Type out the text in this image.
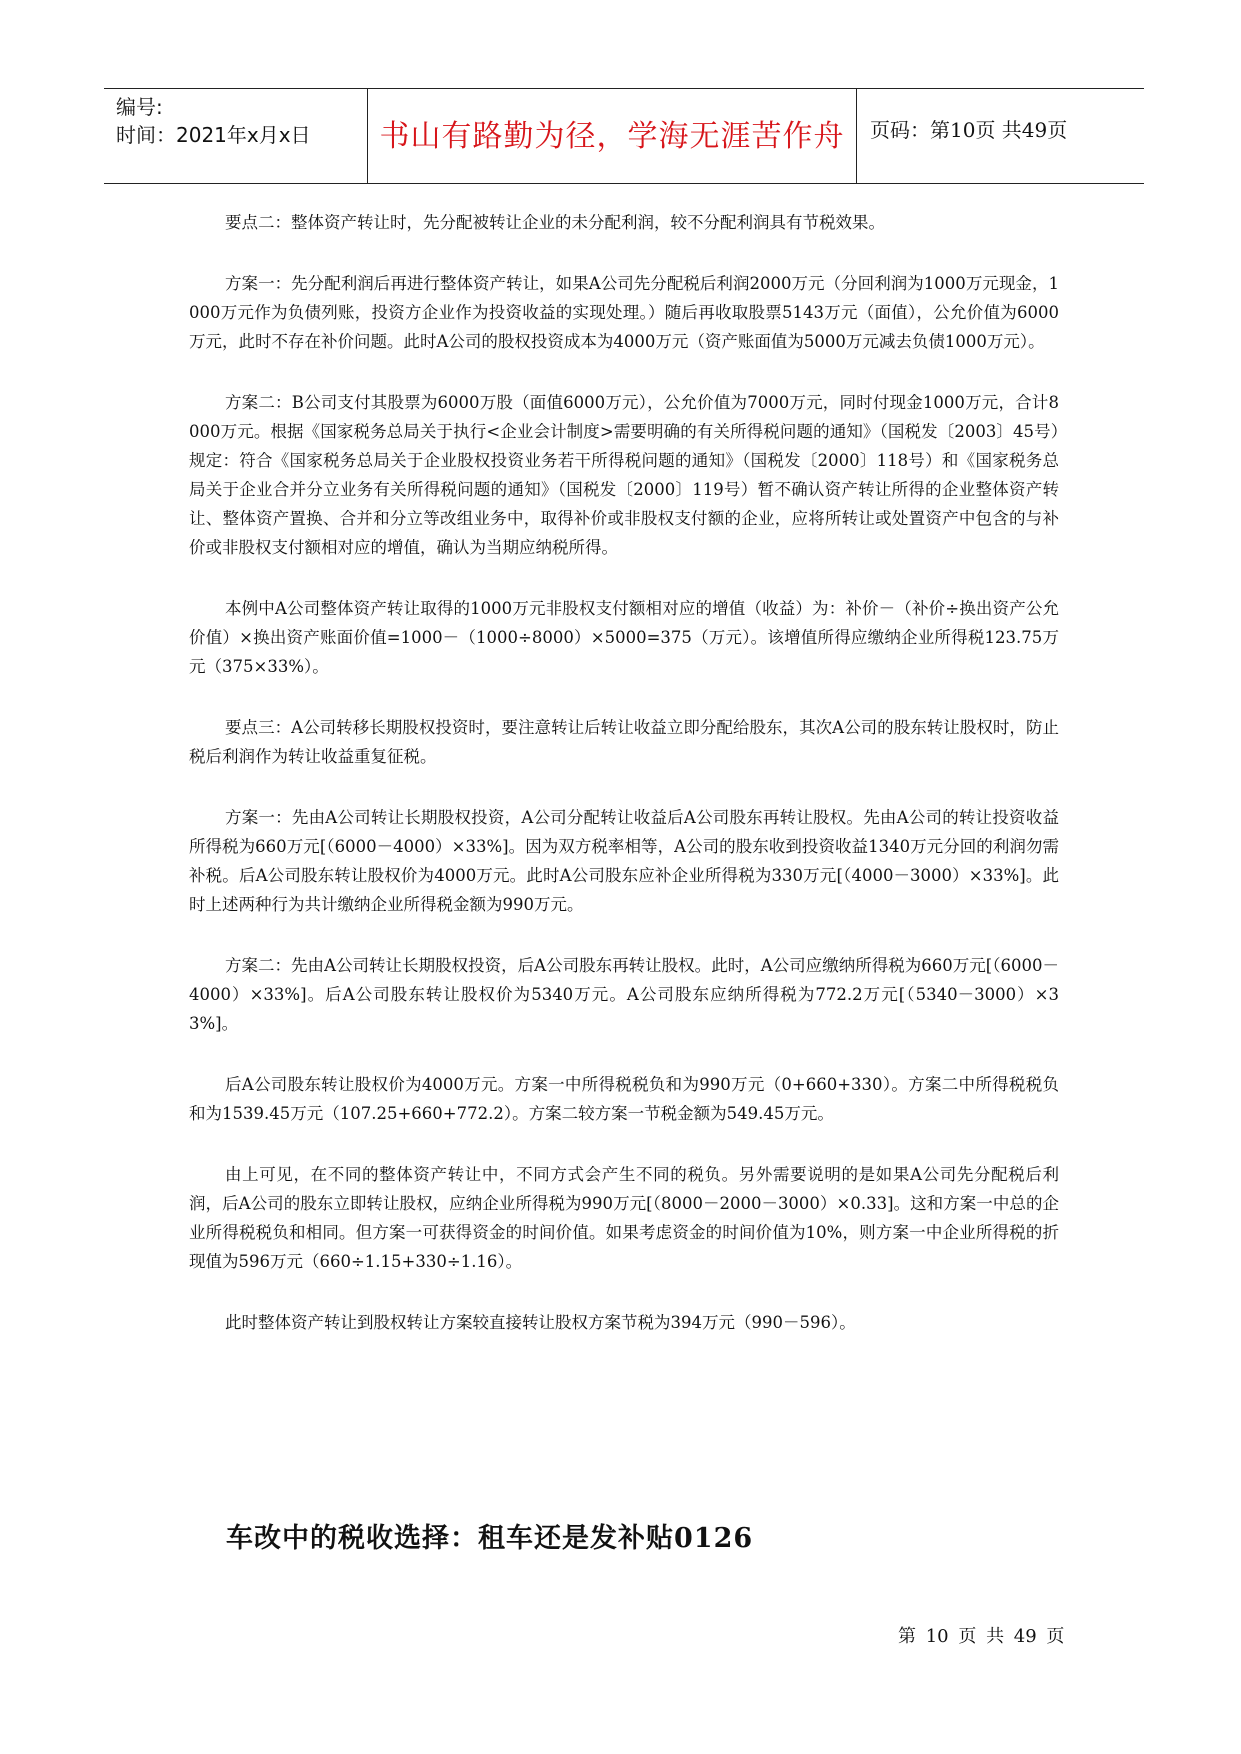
编号:
时间：2021年x月x日	书山有路勤为径，学海无涯苦作舟 页码：第10页 共49页

要点二：整体资产转让时，先分配被转让企业的未分配利润，较不分配利润具有节税效果。

方案一：先分配利润后再进行整体资产转让，如果A公司先分配税后利润2000万元（分回利润为1000万元现金，1000万元作为负债列账，投资方企业作为投资收益的实现处理。）随后再收取股票5143万元（面值），公允价值为6000万元，此时不存在补价问题。此时A公司的股权投资成本为4000万元（资产账面值为5000万元减去负债1000万元）。

方案二：B公司支付其股票为6000万股（面值6000万元），公允价值为7000万元，同时付现金1000万元，合计8000万元。根据《国家税务总局关于执行<企业会计制度>需要明确的有关所得税问题的通知》（国税发〔2003〕45号）规定：符合《国家税务总局关于企业股权投资业务若干所得税问题的通知》（国税发〔2000〕118号）和《国家税务总局关于企业合并分立业务有关所得税问题的通知》（国税发〔2000〕119号）暂不确认资产转让所得的企业整体资产转让、整体资产置换、合并和分立等改组业务中，取得补价或非股权支付额的企业，应将所转让或处置资产中包含的与补价或非股权支付额相对应的增值，确认为当期应纳税所得。

本例中A公司整体资产转让取得的1000万元非股权支付额相对应的增值（收益）为：补价－（补价÷换出资产公允价值）×换出资产账面价值=1000－（1000÷8000）×5000=375（万元）。该增值所得应缴纳企业所得税123.75万元（375×33%）。

要点三：A公司转移长期股权投资时，要注意转让后转让收益立即分配给股东，其次A公司的股东转让股权时，防止税后利润作为转让收益重复征税。

方案一：先由A公司转让长期股权投资，A公司分配转让收益后A公司股东再转让股权。先由A公司的转让投资收益所得税为660万元[（6000－4000）×33%]。因为双方税率相等，A公司的股东收到投资收益1340万元分回的利润勿需补税。后A公司股东转让股权价为4000万元。此时A公司股东应补企业所得税为330万元[（4000－3000）×33%]。此时上述两种行为共计缴纳企业所得税金额为990万元。

方案二：先由A公司转让长期股权投资，后A公司股东再转让股权。此时，A公司应缴纳所得税为660万元[（6000－4000）×33%]。后A公司股东转让股权价为5340万元。A公司股东应纳所得税为772.2万元[（5340－3000）×33%]。

后A公司股东转让股权价为4000万元。方案一中所得税税负和为990万元（0+660+330）。方案二中所得税税负和为1539.45万元（107.25+660+772.2）。方案二较方案一节税金额为549.45万元。

由上可见，在不同的整体资产转让中，不同方式会产生不同的税负。另外需要说明的是如果A公司先分配税后利润，后A公司的股东立即转让股权，应纳企业所得税为990万元[（8000－2000－3000）×0.33]。这和方案一中总的企业所得税税负和相同。但方案一可获得资金的时间价值。如果考虑资金的时间价值为10%，则方案一中企业所得税的折现值为596万元（660÷1.15+330÷1.16）。

此时整体资产转让到股权转让方案较直接转让股权方案节税为394万元（990－596）。

车改中的税收选择：租车还是发补贴0126
第 10 页 共 49 页
